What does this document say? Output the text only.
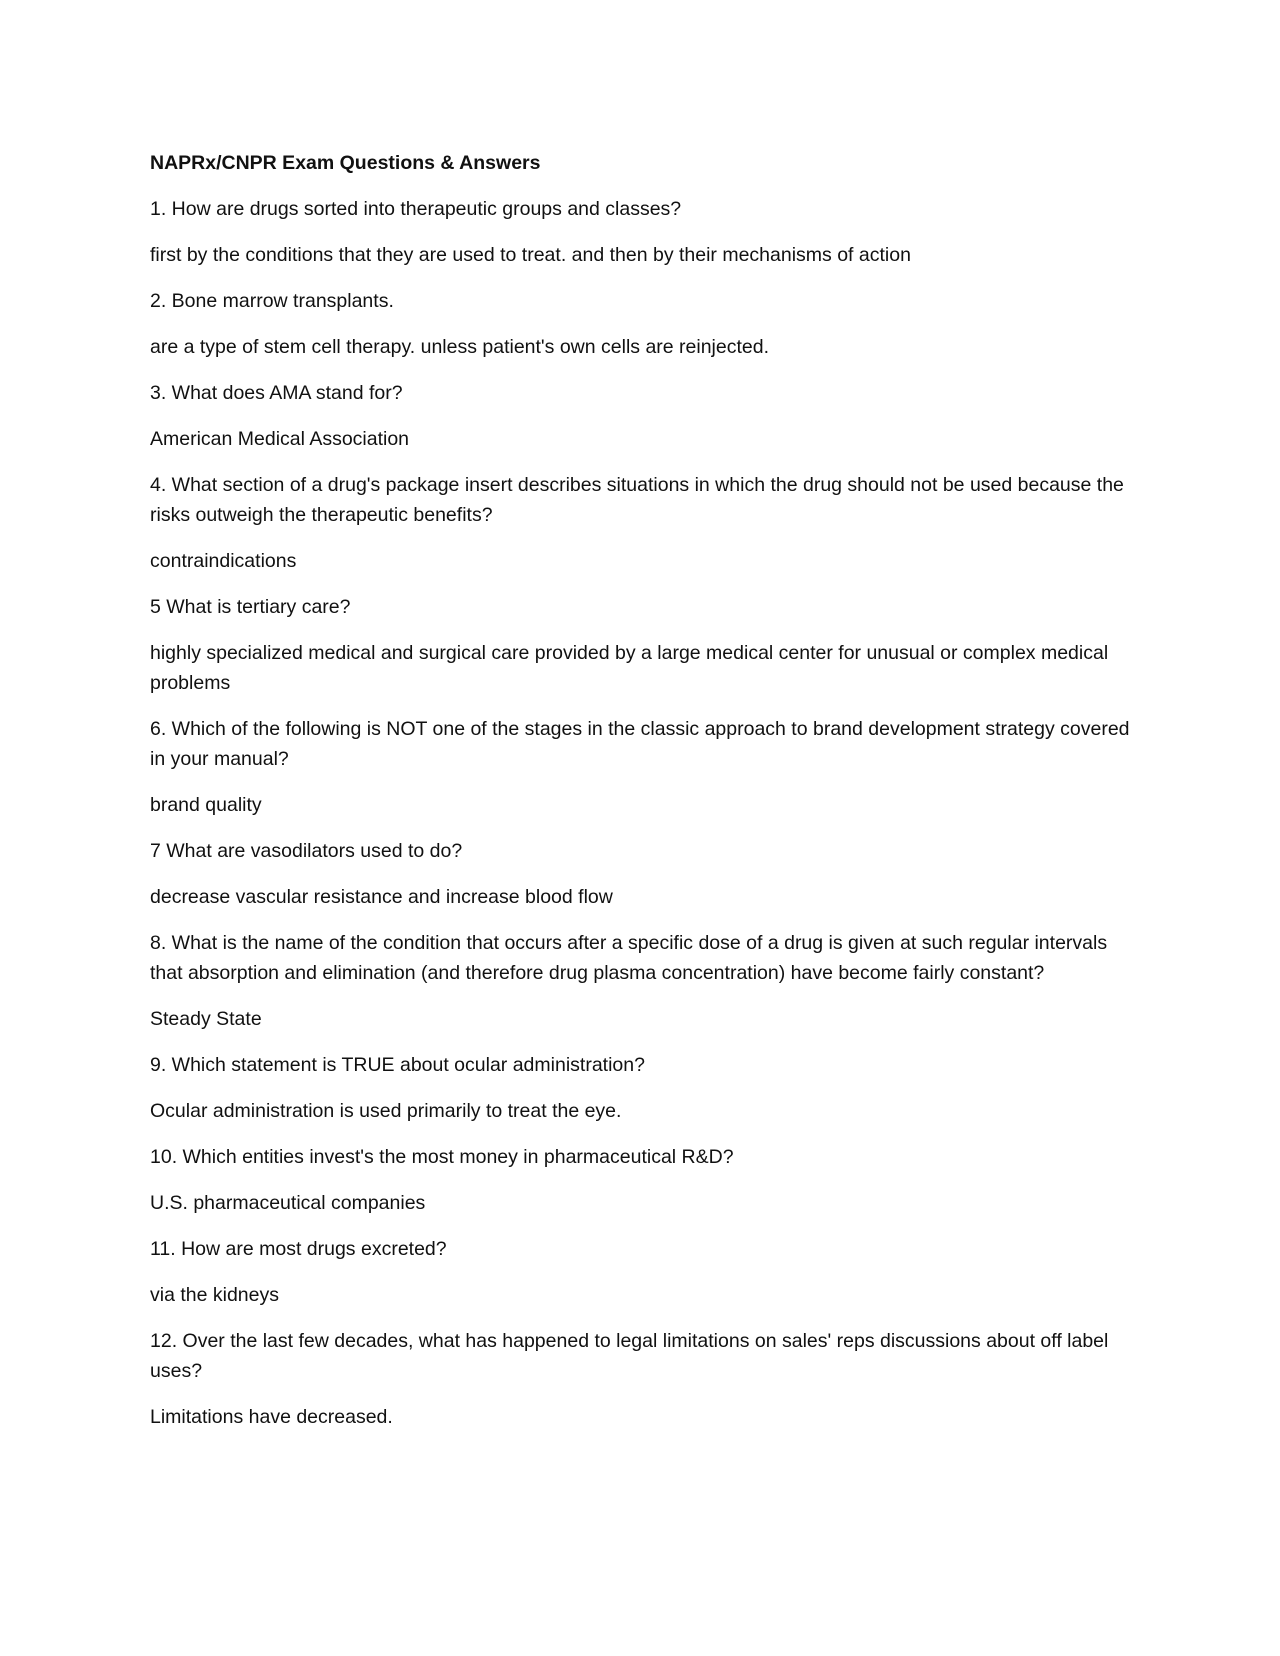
NAPRx/CNPR Exam Questions & Answers
1. How are drugs sorted into therapeutic groups and classes?
first by the conditions that they are used to treat. and then by their mechanisms of action
2. Bone marrow transplants.
are a type of stem cell therapy. unless patient's own cells are reinjected.
3. What does AMA stand for?
American Medical Association
4. What section of a drug's package insert describes situations in which the drug should not be used because the risks outweigh the therapeutic benefits?
contraindications
5 What is tertiary care?
highly specialized medical and surgical care provided by a large medical center for unusual or complex medical problems
6. Which of the following is NOT one of the stages in the classic approach to brand development strategy covered in your manual?
brand quality
7 What are vasodilators used to do?
decrease vascular resistance and increase blood flow
8. What is the name of the condition that occurs after a specific dose of a drug is given at such regular intervals that absorption and elimination (and therefore drug plasma concentration) have become fairly constant?
Steady State
9. Which statement is TRUE about ocular administration?
Ocular administration is used primarily to treat the eye.
10. Which entities invest's the most money in pharmaceutical R&D?
U.S. pharmaceutical companies
11. How are most drugs excreted?
via the kidneys
12. Over the last few decades, what has happened to legal limitations on sales' reps discussions about off label uses?
Limitations have decreased.
